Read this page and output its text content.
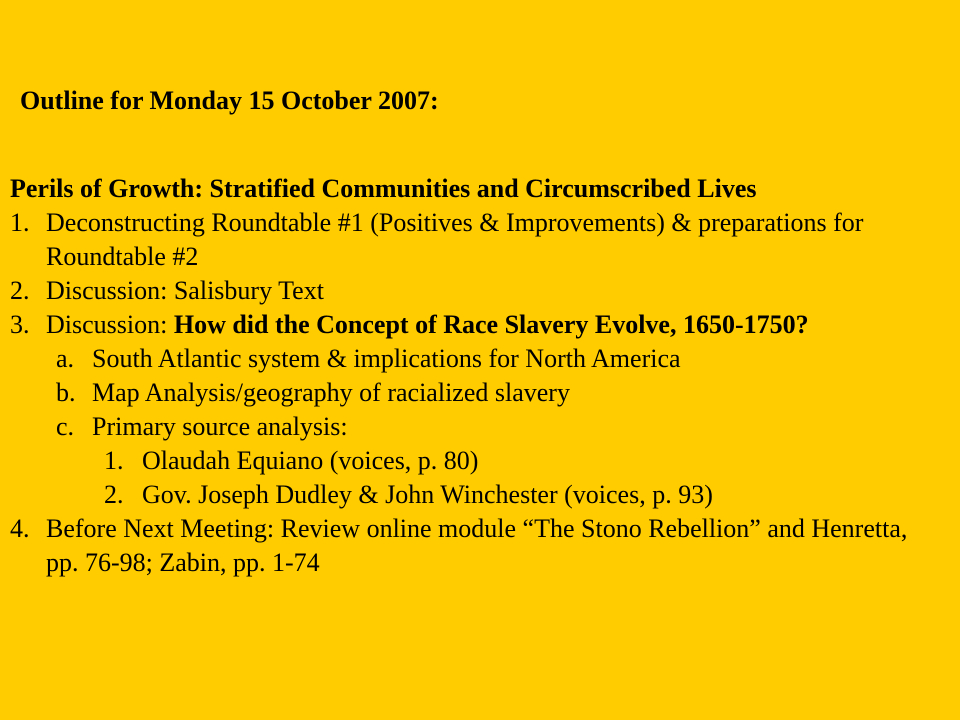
Outline for Monday 15 October 2007:

Perils of Growth: Stratified Communities and Circumscribed Lives

1. Deconstructing Roundtable #1 (Positives & Improvements) & preparations for Roundtable #2
2. Discussion: Salisbury Text
3. Discussion: How did the Concept of Race Slavery Evolve, 1650-1750?
a. South Atlantic system & implications for North America
b. Map Analysis/geography of racialized slavery
c. Primary source analysis:
1. Olaudah Equiano (voices, p. 80)
2. Gov. Joseph Dudley & John Winchester (voices, p. 93)
4. Before Next Meeting: Review online module “The Stono Rebellion” and Henretta, pp. 76-98; Zabin, pp. 1-74
